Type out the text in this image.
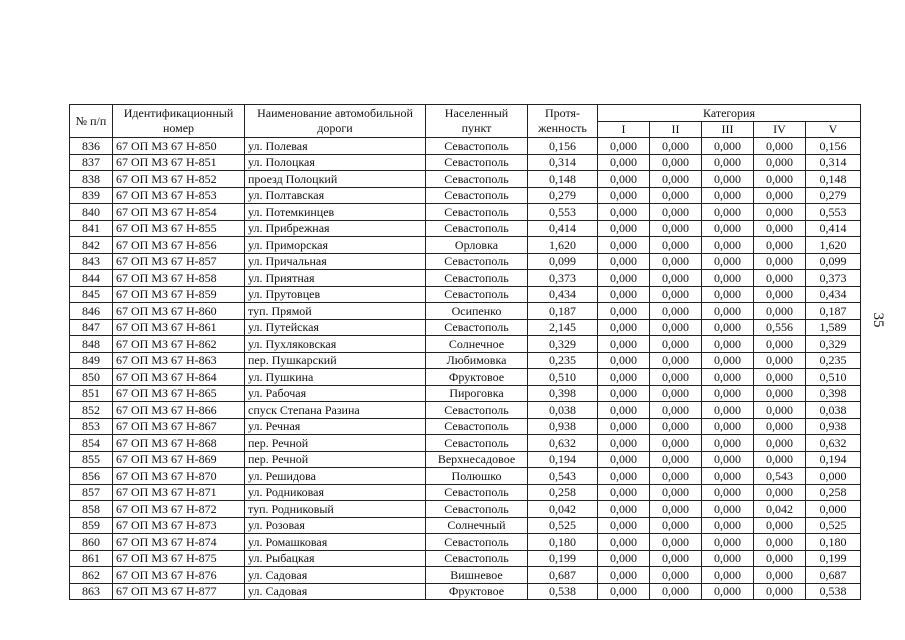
№ п/п	Идентификационный номер	Наименование автомобильной дороги	Населенный пункт	Протя- женность	Категория				
					I	II	III	IV	V
836	67 ОП МЗ 67 Н-850	ул. Полевая	Севастополь	0,156	0,000	0,000	0,000	0,000	0,156
837	67 ОП МЗ 67 Н-851	ул. Полоцкая	Севастополь	0,314	0,000	0,000	0,000	0,000	0,314
838	67 ОП МЗ 67 Н-852	проезд Полоцкий	Севастополь	0,148	0,000	0,000	0,000	0,000	0,148
839	67 ОП МЗ 67 Н-853	ул. Полтавская	Севастополь	0,279	0,000	0,000	0,000	0,000	0,279
840	67 ОП МЗ 67 Н-854	ул. Потемкинцев	Севастополь	0,553	0,000	0,000	0,000	0,000	0,553
841	67 ОП МЗ 67 Н-855	ул. Прибрежная	Севастополь	0,414	0,000	0,000	0,000	0,000	0,414
842	67 ОП МЗ 67 Н-856	ул. Приморская	Орловка	1,620	0,000	0,000	0,000	0,000	1,620
843	67 ОП МЗ 67 Н-857	ул. Причальная	Севастополь	0,099	0,000	0,000	0,000	0,000	0,099
844	67 ОП МЗ 67 Н-858	ул. Приятная	Севастополь	0,373	0,000	0,000	0,000	0,000	0,373
845	67 ОП МЗ 67 Н-859	ул. Прутовцев	Севастополь	0,434	0,000	0,000	0,000	0,000	0,434
846	67 ОП МЗ 67 Н-860	туп. Прямой	Осипенко	0,187	0,000	0,000	0,000	0,000	0,187
847	67 ОП МЗ 67 Н-861	ул. Путейская	Севастополь	2,145	0,000	0,000	0,000	0,556	1,589
848	67 ОП МЗ 67 Н-862	ул. Пухляковская	Солнечное	0,329	0,000	0,000	0,000	0,000	0,329
849	67 ОП МЗ 67 Н-863	пер. Пушкарский	Любимовка	0,235	0,000	0,000	0,000	0,000	0,235
850	67 ОП МЗ 67 Н-864	ул. Пушкина	Фруктовое	0,510	0,000	0,000	0,000	0,000	0,510
851	67 ОП МЗ 67 Н-865	ул. Рабочая	Пироговка	0,398	0,000	0,000	0,000	0,000	0,398
852	67 ОП МЗ 67 Н-866	спуск Степана Разина	Севастополь	0,038	0,000	0,000	0,000	0,000	0,038
853	67 ОП МЗ 67 Н-867	ул. Речная	Севастополь	0,938	0,000	0,000	0,000	0,000	0,938
854	67 ОП МЗ 67 Н-868	пер. Речной	Севастополь	0,632	0,000	0,000	0,000	0,000	0,632
855	67 ОП МЗ 67 Н-869	пер. Речной	Верхнесадовое	0,194	0,000	0,000	0,000	0,000	0,194
856	67 ОП МЗ 67 Н-870	ул. Решидова	Полюшко	0,543	0,000	0,000	0,000	0,543	0,000
857	67 ОП МЗ 67 Н-871	ул. Родниковая	Севастополь	0,258	0,000	0,000	0,000	0,000	0,258
858	67 ОП МЗ 67 Н-872	туп. Родниковый	Севастополь	0,042	0,000	0,000	0,000	0,042	0,000
859	67 ОП МЗ 67 Н-873	ул. Розовая	Солнечный	0,525	0,000	0,000	0,000	0,000	0,525
860	67 ОП МЗ 67 Н-874	ул. Ромашковая	Севастополь	0,180	0,000	0,000	0,000	0,000	0,180
861	67 ОП МЗ 67 Н-875	ул. Рыбацкая	Севастополь	0,199	0,000	0,000	0,000	0,000	0,199
862	67 ОП МЗ 67 Н-876	ул. Садовая	Вишневое	0,687	0,000	0,000	0,000	0,000	0,687
863	67 ОП МЗ 67 Н-877	ул. Садовая	Фруктовое	0,538	0,000	0,000	0,000	0,000	0,538
35
